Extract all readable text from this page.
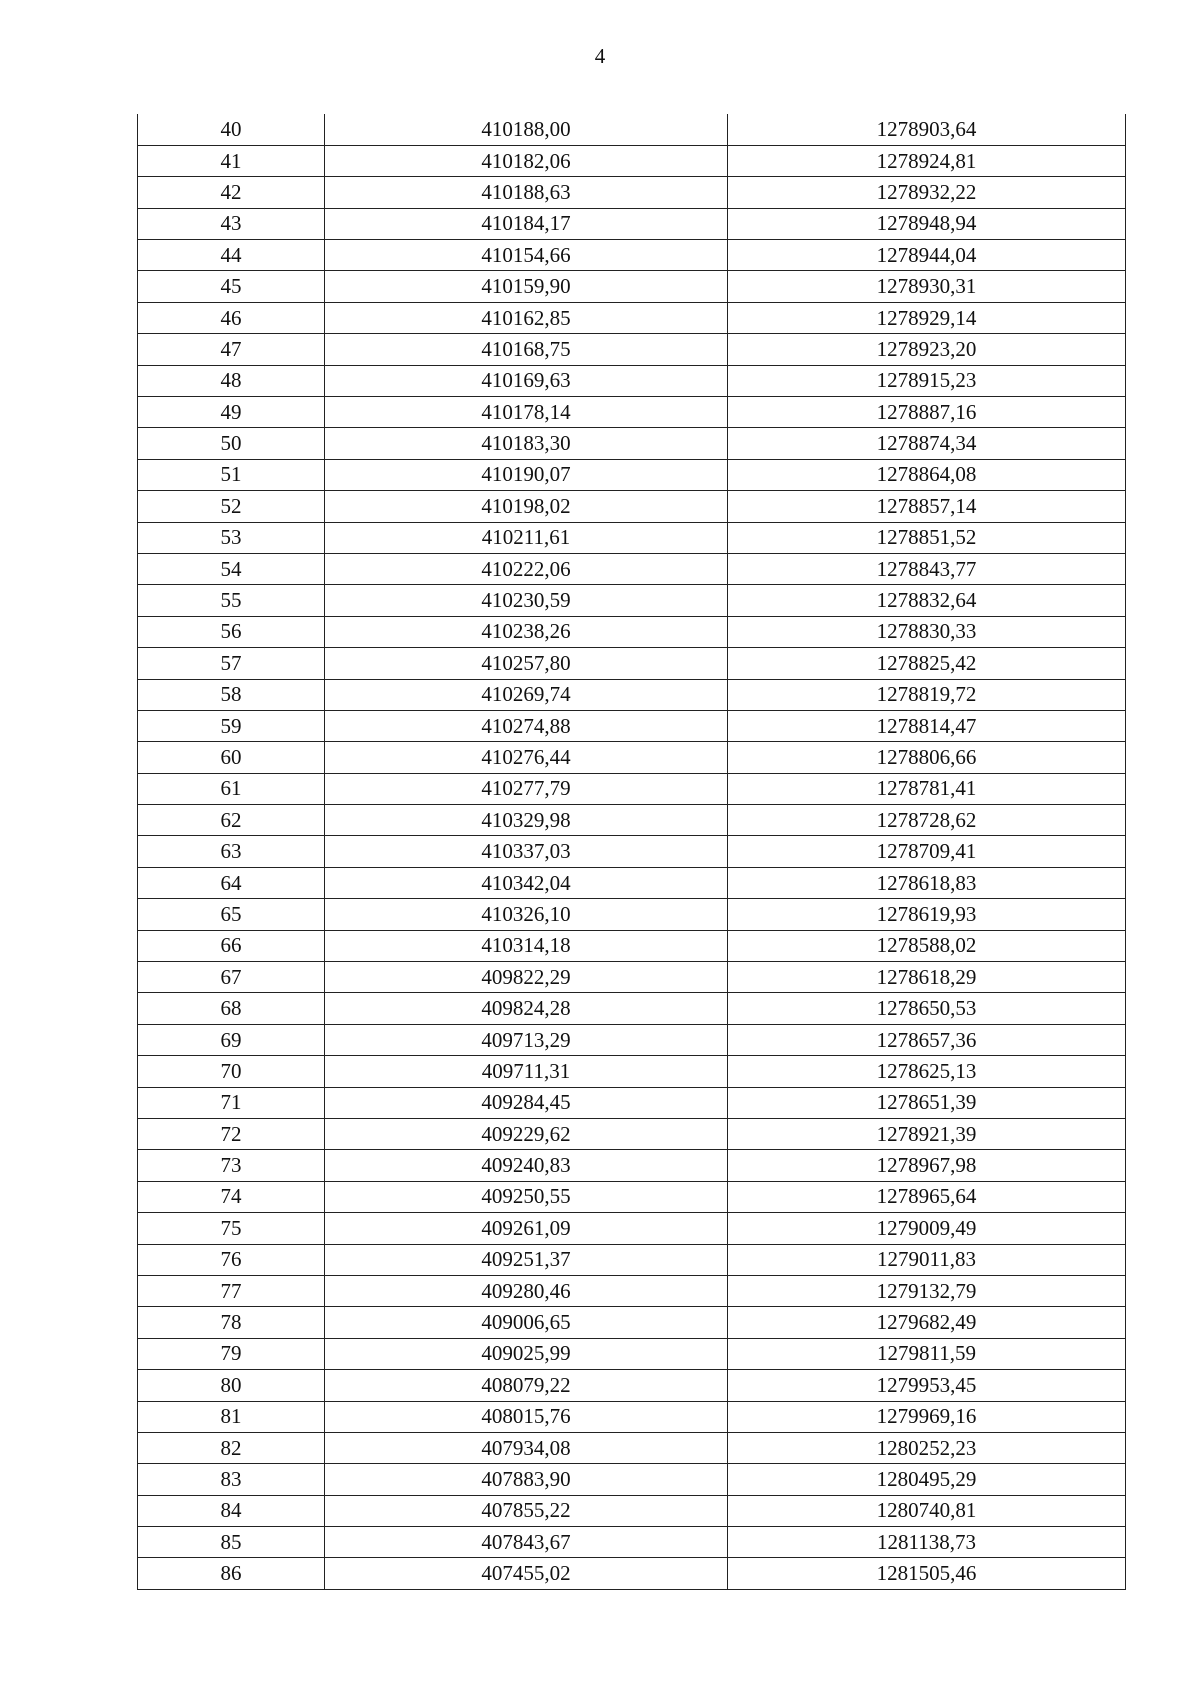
4
40	410188,00	1278903,64
41	410182,06	1278924,81
42	410188,63	1278932,22
43	410184,17	1278948,94
44	410154,66	1278944,04
45	410159,90	1278930,31
46	410162,85	1278929,14
47	410168,75	1278923,20
48	410169,63	1278915,23
49	410178,14	1278887,16
50	410183,30	1278874,34
51	410190,07	1278864,08
52	410198,02	1278857,14
53	410211,61	1278851,52
54	410222,06	1278843,77
55	410230,59	1278832,64
56	410238,26	1278830,33
57	410257,80	1278825,42
58	410269,74	1278819,72
59	410274,88	1278814,47
60	410276,44	1278806,66
61	410277,79	1278781,41
62	410329,98	1278728,62
63	410337,03	1278709,41
64	410342,04	1278618,83
65	410326,10	1278619,93
66	410314,18	1278588,02
67	409822,29	1278618,29
68	409824,28	1278650,53
69	409713,29	1278657,36
70	409711,31	1278625,13
71	409284,45	1278651,39
72	409229,62	1278921,39
73	409240,83	1278967,98
74	409250,55	1278965,64
75	409261,09	1279009,49
76	409251,37	1279011,83
77	409280,46	1279132,79
78	409006,65	1279682,49
79	409025,99	1279811,59
80	408079,22	1279953,45
81	408015,76	1279969,16
82	407934,08	1280252,23
83	407883,90	1280495,29
84	407855,22	1280740,81
85	407843,67	1281138,73
86	407455,02	1281505,46
